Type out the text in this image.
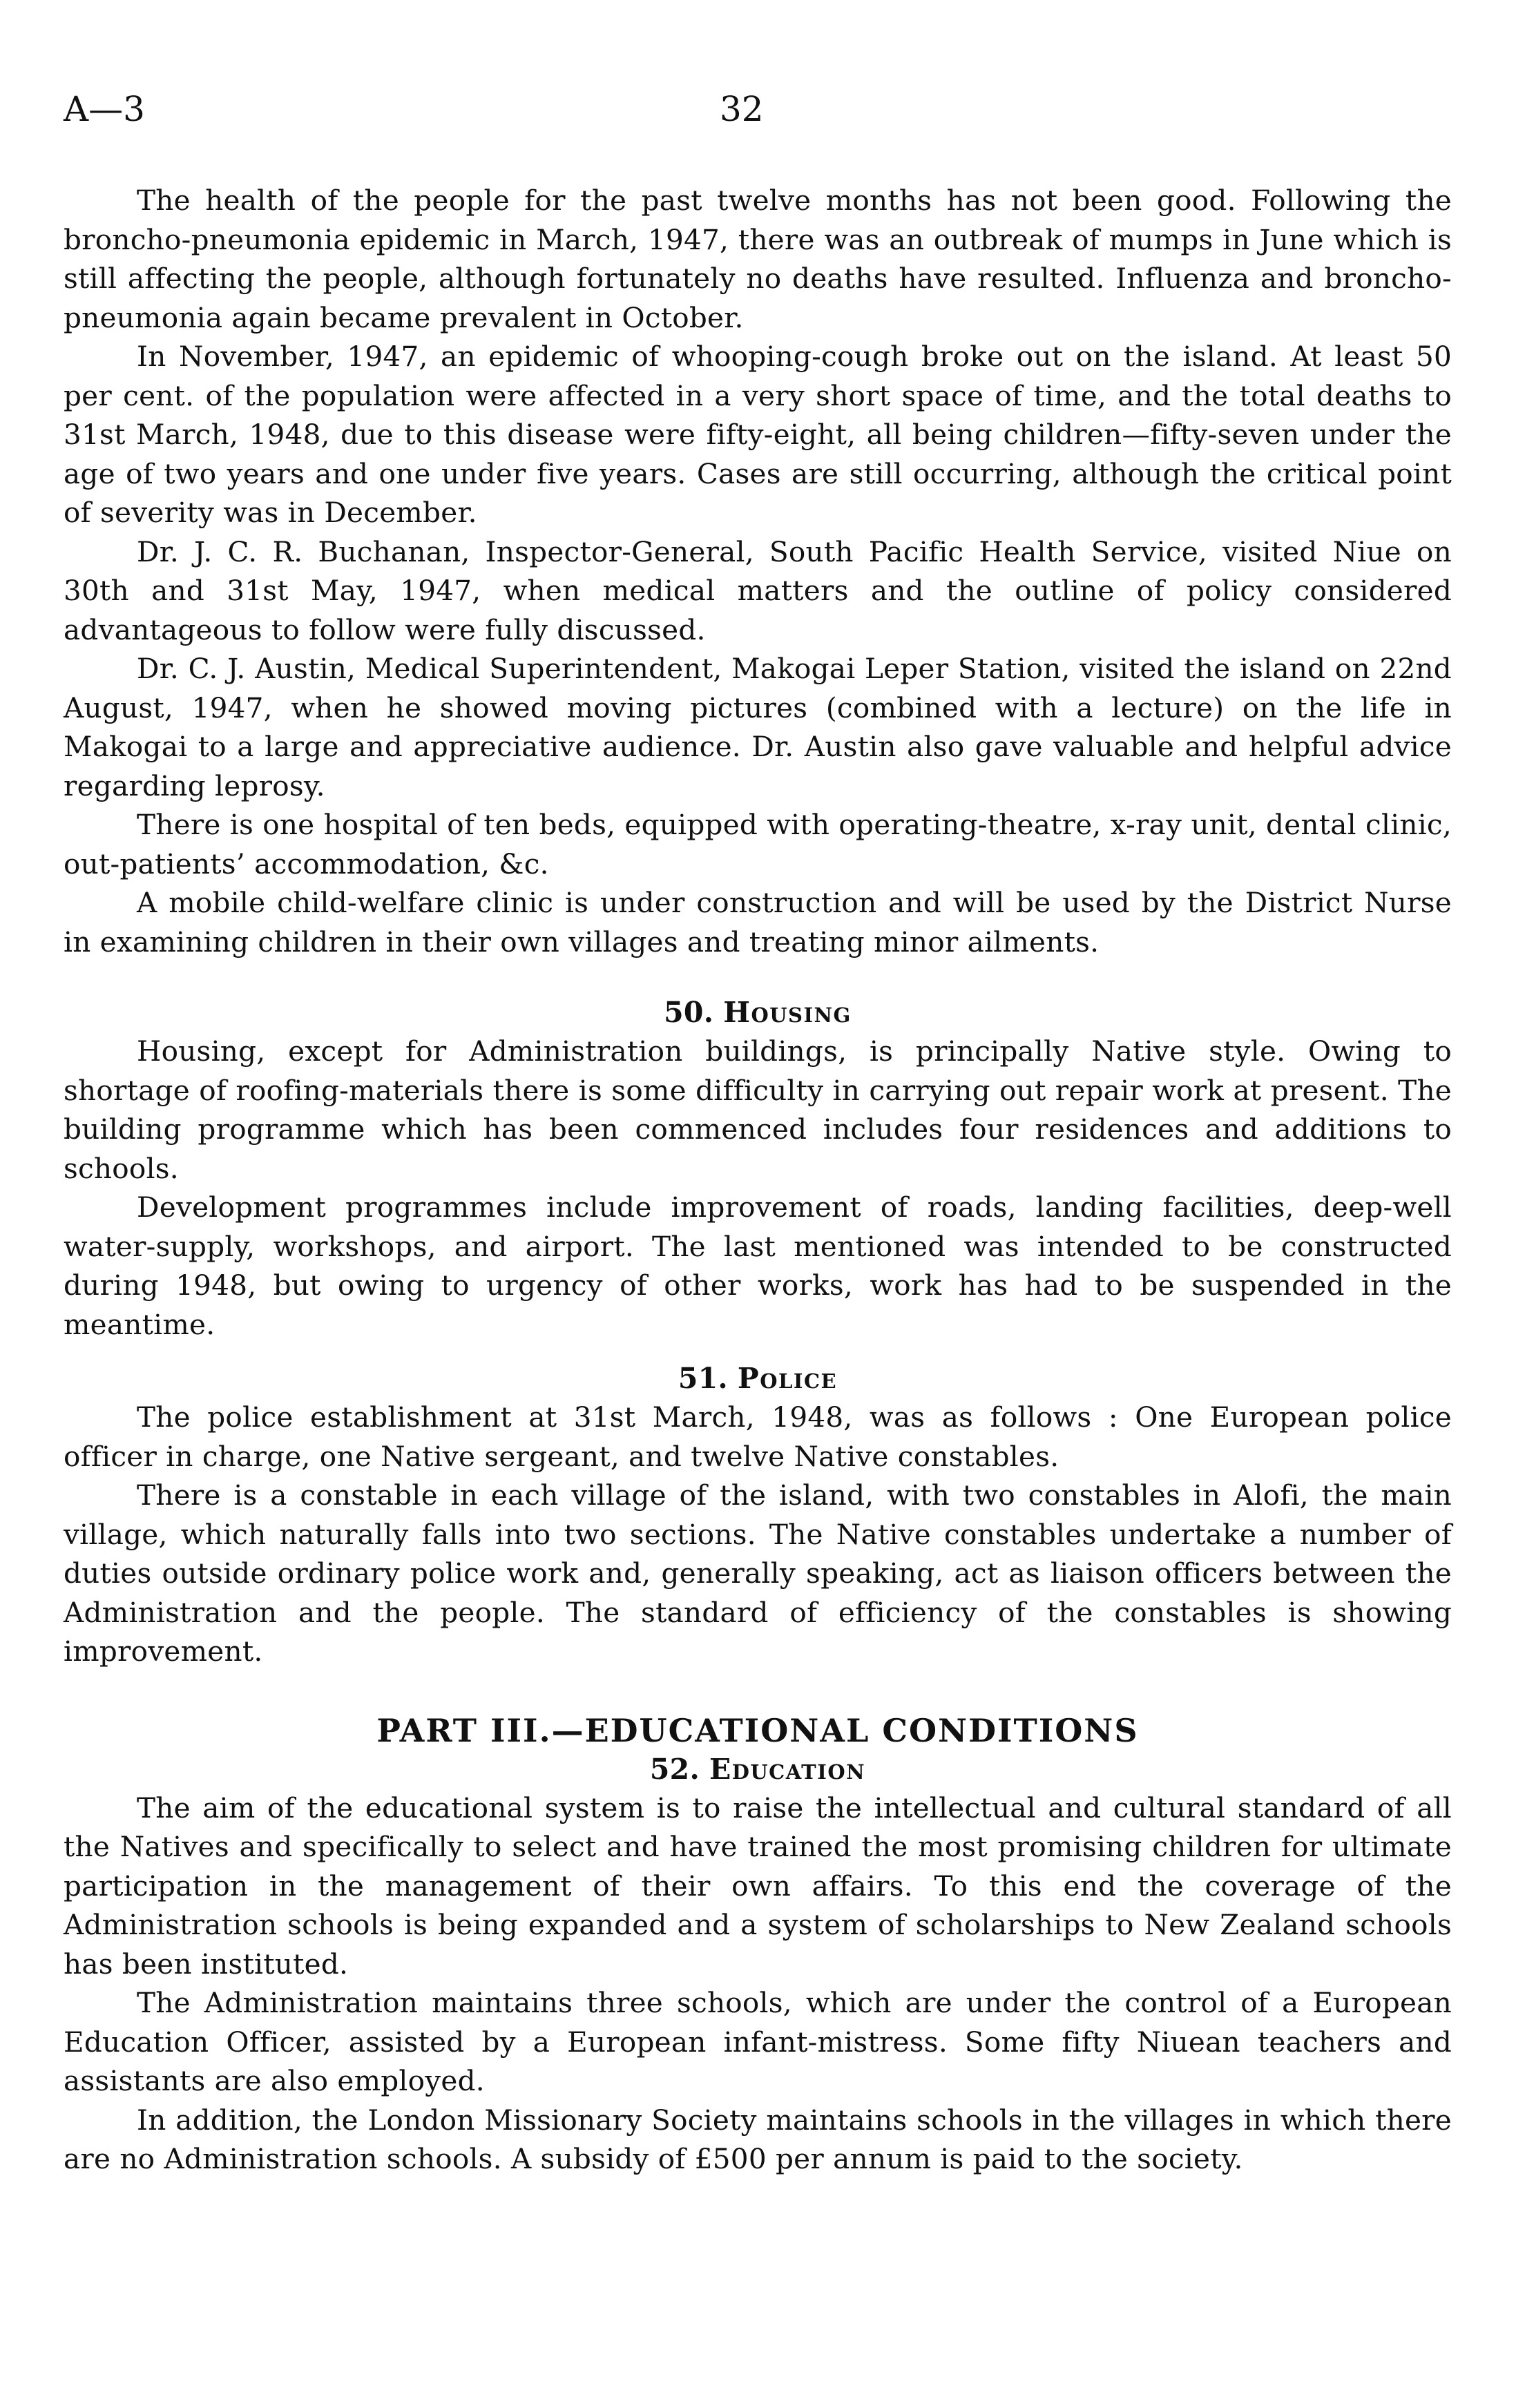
A—3	32

The health of the people for the past twelve months has not been good. Following the broncho-pneumonia epidemic in March, 1947, there was an outbreak of mumps in June which is still affecting the people, although fortunately no deaths have resulted. Influenza and broncho-pneumonia again became prevalent in October.

In November, 1947, an epidemic of whooping-cough broke out on the island. At least 50 per cent. of the population were affected in a very short space of time, and the total deaths to 31st March, 1948, due to this disease were fifty-eight, all being children—fifty-seven under the age of two years and one under five years. Cases are still occurring, although the critical point of severity was in December.

Dr. J. C. R. Buchanan, Inspector-General, South Pacific Health Service, visited Niue on 30th and 31st May, 1947, when medical matters and the outline of policy considered advantageous to follow were fully discussed.

Dr. C. J. Austin, Medical Superintendent, Makogai Leper Station, visited the island on 22nd August, 1947, when he showed moving pictures (combined with a lecture) on the life in Makogai to a large and appreciative audience. Dr. Austin also gave valuable and helpful advice regarding leprosy.

There is one hospital of ten beds, equipped with operating-theatre, x-ray unit, dental clinic, out-patients’ accommodation, &c.

A mobile child-welfare clinic is under construction and will be used by the District Nurse in examining children in their own villages and treating minor ailments.

50. Housing

Housing, except for Administration buildings, is principally Native style. Owing to shortage of roofing-materials there is some difficulty in carrying out repair work at present. The building programme which has been commenced includes four residences and additions to schools.

Development programmes include improvement of roads, landing facilities, deep-well water-supply, workshops, and airport. The last mentioned was intended to be constructed during 1948, but owing to urgency of other works, work has had to be suspended in the meantime.

51. Police

The police establishment at 31st March, 1948, was as follows : One European police officer in charge, one Native sergeant, and twelve Native constables.

There is a constable in each village of the island, with two constables in Alofi, the main village, which naturally falls into two sections. The Native constables undertake a number of duties outside ordinary police work and, generally speaking, act as liaison officers between the Administration and the people. The standard of efficiency of the constables is showing improvement.

PART III.—EDUCATIONAL CONDITIONS
52. Education

The aim of the educational system is to raise the intellectual and cultural standard of all the Natives and specifically to select and have trained the most promising children for ultimate participation in the management of their own affairs. To this end the coverage of the Administration schools is being expanded and a system of scholarships to New Zealand schools has been instituted.

The Administration maintains three schools, which are under the control of a European Education Officer, assisted by a European infant-mistress. Some fifty Niuean teachers and assistants are also employed.

In addition, the London Missionary Society maintains schools in the villages in which there are no Administration schools. A subsidy of £500 per annum is paid to the society.
